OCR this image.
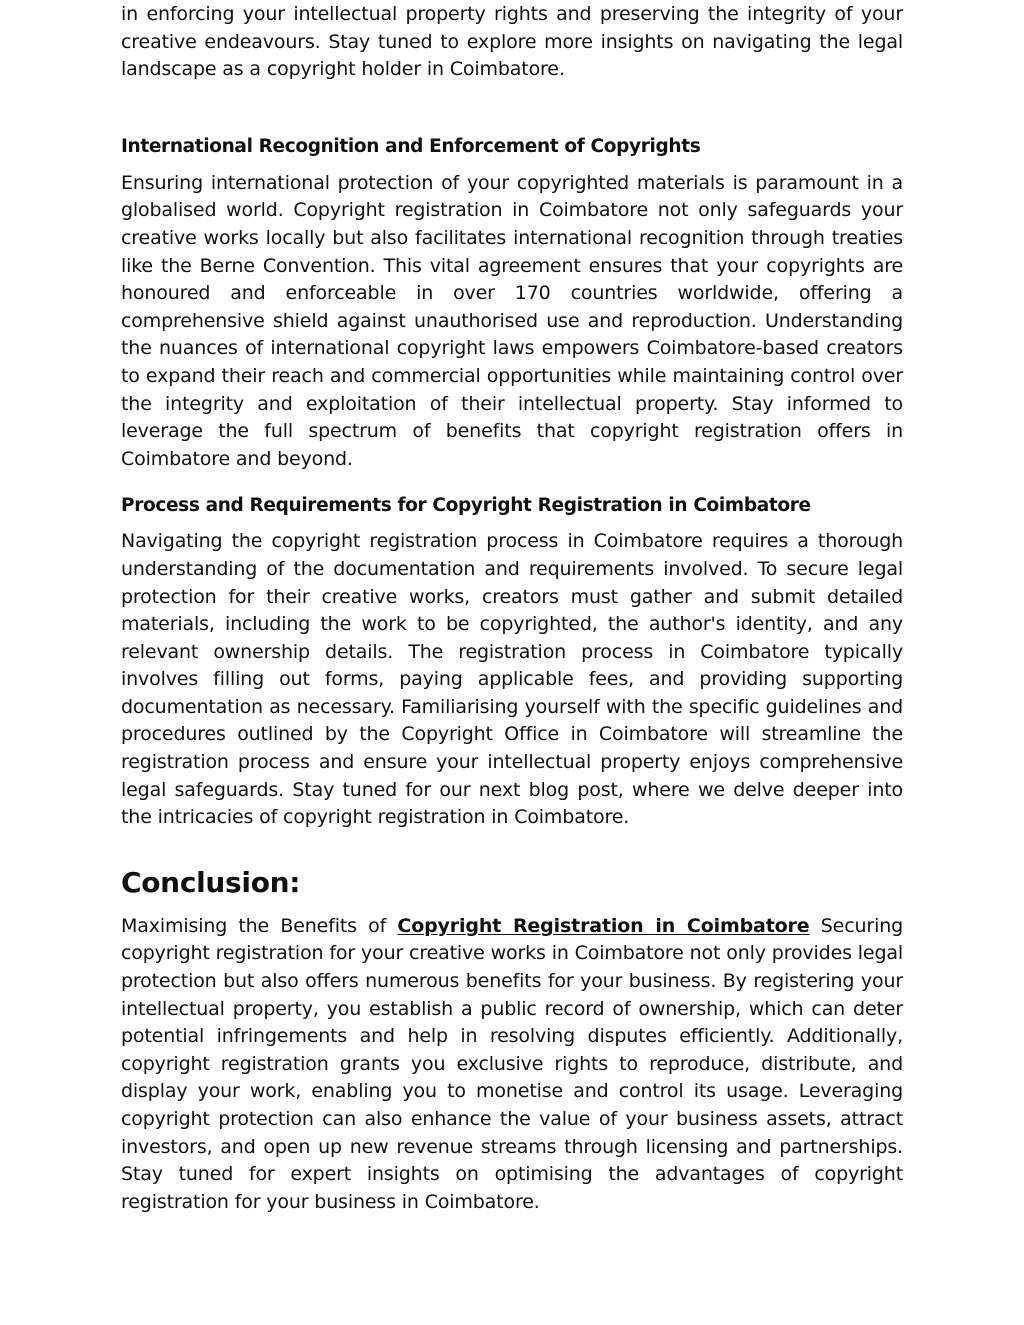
in enforcing your intellectual property rights and preserving the integrity of your creative endeavours. Stay tuned to explore more insights on navigating the legal landscape as a copyright holder in Coimbatore.

International Recognition and Enforcement of Copyrights

Ensuring international protection of your copyrighted materials is paramount in a globalised world. Copyright registration in Coimbatore not only safeguards your creative works locally but also facilitates international recognition through treaties like the Berne Convention. This vital agreement ensures that your copyrights are honoured and enforceable in over 170 countries worldwide, offering a comprehensive shield against unauthorised use and reproduction. Understanding the nuances of international copyright laws empowers Coimbatore-based creators to expand their reach and commercial opportunities while maintaining control over the integrity and exploitation of their intellectual property. Stay informed to leverage the full spectrum of benefits that copyright registration offers in Coimbatore and beyond.

Process and Requirements for Copyright Registration in Coimbatore

Navigating the copyright registration process in Coimbatore requires a thorough understanding of the documentation and requirements involved. To secure legal protection for their creative works, creators must gather and submit detailed materials, including the work to be copyrighted, the author's identity, and any relevant ownership details. The registration process in Coimbatore typically involves filling out forms, paying applicable fees, and providing supporting documentation as necessary. Familiarising yourself with the specific guidelines and procedures outlined by the Copyright Office in Coimbatore will streamline the registration process and ensure your intellectual property enjoys comprehensive legal safeguards. Stay tuned for our next blog post, where we delve deeper into the intricacies of copyright registration in Coimbatore.

Conclusion:

Maximising the Benefits of Copyright Registration in Coimbatore Securing copyright registration for your creative works in Coimbatore not only provides legal protection but also offers numerous benefits for your business. By registering your intellectual property, you establish a public record of ownership, which can deter potential infringements and help in resolving disputes efficiently. Additionally, copyright registration grants you exclusive rights to reproduce, distribute, and display your work, enabling you to monetise and control its usage. Leveraging copyright protection can also enhance the value of your business assets, attract investors, and open up new revenue streams through licensing and partnerships. Stay tuned for expert insights on optimising the advantages of copyright registration for your business in Coimbatore.
